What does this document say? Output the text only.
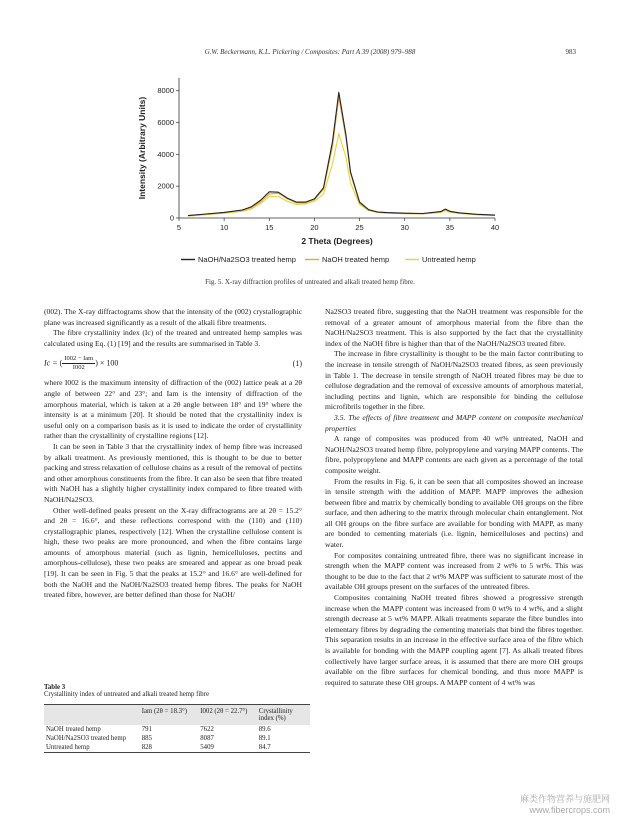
G.W. Beckermann, K.L. Pickering / Composites: Part A 39 (2008) 979–988	983
5	10	15	20	25	30	35	40
0
2000
4000
6000
8000
2 Theta (Degrees)
Intensity (Arbitrary Units)
NaOH/Na2SO3 treated hemp	NaOH treated hemp	Untreated hemp
Fig. 5. X-ray diffraction profiles of untreated and alkali treated hemp fibre.

(002). The X-ray diffractograms show that the intensity of the (002) crystallographic plane was increased significantly as a result of the alkali fibre treatments.

The fibre crystallinity index (Ic) of the treated and untreated hemp samples was calculated using Eq. (1) [19] and the results are summarised in Table 3.

Ic = ( $\frac{\text{I002 − Iam}}{I002}$ ) × 100	(1)

where I002 is the maximum intensity of diffraction of the (002) lattice peak at a 2θ angle of between 22° and 23°; and Iam is the intensity of diffraction of the amorphous material, which is taken at a 2θ angle between 18° and 19° where the intensity is at a minimum [20]. It should be noted that the crystallinity index is useful only on a comparison basis as it is used to indicate the order of crystallinity rather than the crystallinity of crystalline regions [12].

It can be seen in Table 3 that the crystallinity index of hemp fibre was increased by alkali treatment. As previously mentioned, this is thought to be due to better packing and stress relaxation of cellulose chains as a result of the removal of pectins and other amorphous constituents from the fibre. It can also be seen that fibre treated with NaOH has a slightly higher crystallinity index compared to fibre treated with NaOH/Na2SO3.

Other well-defined peaks present on the X-ray diffractograms are at 2θ = 15.2° and 2θ = 16.6°, and these reflections correspond with the (110) and (110) crystallographic planes, respectively [12]. When the crystalline cellulose content is high, these two peaks are more pronounced, and when the fibre contains large amounts of amorphous material (such as lignin, hemicelluloses, pectins and amorphous-cellulose), these two peaks are smeared and appear as one broad peak [19]. It can be seen in Fig. 5 that the peaks at 15.2° and 16.6° are well-defined for both the NaOH and the NaOH/Na2SO3 treated hemp fibres. The peaks for NaOH treated fibre, however, are better defined than those for NaOH/

Na2SO3 treated fibre, suggesting that the NaOH treatment was responsible for the removal of a greater amount of amorphous material from the fibre than the NaOH/Na2SO3 treatment. This is also supported by the fact that the crystallinity index of the NaOH fibre is higher than that of the NaOH/Na2SO3 treated fibre.

The increase in fibre crystallinity is thought to be the main factor contributing to the increase in tensile strength of NaOH/Na2SO3 treated fibres, as seen previously in Table 1. The decrease in tensile strength of NaOH treated fibres may be due to cellulose degradation and the removal of excessive amounts of amorphous material, including pectins and lignin, which are responsible for binding the cellulose microfibrils together in the fibre.

3.5. The effects of fibre treatment and MAPP content on composite mechanical properties

A range of composites was produced from 40 wt% untreated, NaOH and NaOH/Na2SO3 treated hemp fibre, polypropylene and varying MAPP contents. The fibre, polypropylene and MAPP contents are each given as a percentage of the total composite weight.

From the results in Fig. 6, it can be seen that all composites showed an increase in tensile strength with the addition of MAPP. MAPP improves the adhesion between fibre and matrix by chemically bonding to available OH groups on the fibre surface, and then adhering to the matrix through molecular chain entanglement. Not all OH groups on the fibre surface are available for bonding with MAPP, as many are bonded to cementing materials (i.e. lignin, hemicelluloses and pectins) and water.

For composites containing untreated fibre, there was no significant increase in strength when the MAPP content was increased from 2 wt% to 5 wt%. This was thought to be due to the fact that 2 wt% MAPP was sufficient to saturate most of the available OH groups present on the surfaces of the untreated fibres.

Composites containing NaOH treated fibres showed a progressive strength increase when the MAPP content was increased from 0 wt% to 4 wt%, and a slight strength decrease at 5 wt% MAPP. Alkali treatments separate the fibre bundles into elementary fibres by degrading the cementing materials that bind the fibres together. This separation results in an increase in the effective surface area of the fibre which is available for bonding with the MAPP coupling agent [7]. As alkali treated fibres collectively have larger surface areas, it is assumed that there are more OH groups available on the fibre surfaces for chemical bonding, and thus more MAPP is required to saturate these OH groups. A MAPP content of 4 wt% was

Table 3
Crystallinity index of untreated and alkali treated hemp fibre
	Iam (2θ = 18.3°)	I002 (2θ = 22.7°)	Crystallinity index (%)
NaOH treated hemp	791	7622	89.6
NaOH/Na2SO3 treated hemp	885	8087	89.1
Untreated hemp	828	5409	84.7
麻类作物营养与施肥网
www.fibercrops.com
